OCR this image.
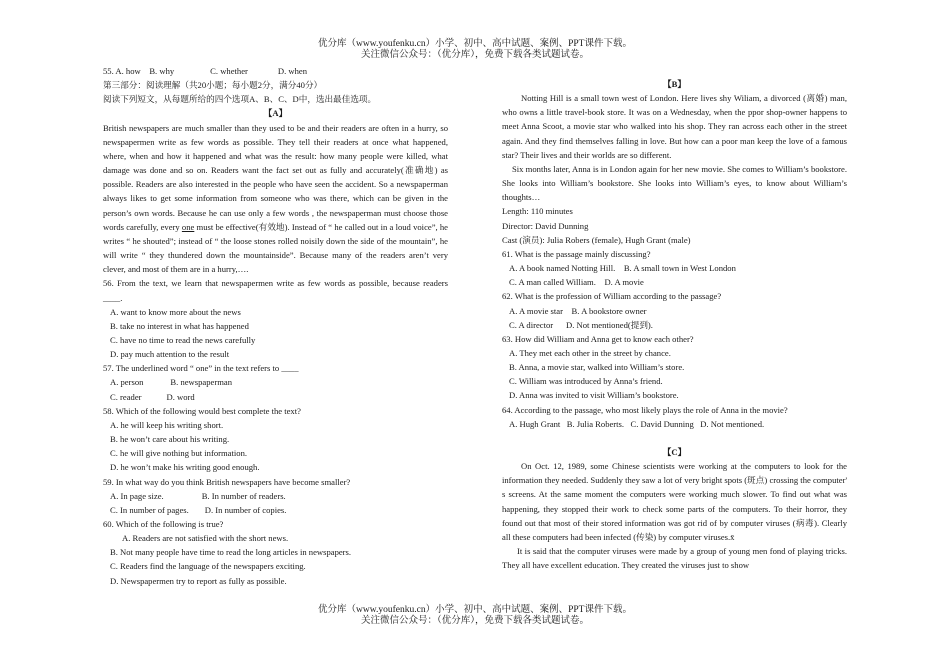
优分库（www.youfenku.cn）小学、初中、高中试题、案例、PPT课件下载。
关注微信公众号：（优分库），免费下载各类试题试卷。

55. A. how B. why	C. whether	D. when

第三部分：阅读理解（共20小题；每小题2分，满分40分）

阅读下列短文，从每题所给的四个选项A、B、C、D中，选出最佳选项。

【A】

British newspapers are much smaller than they used to be and their readers are often in a hurry, so newspapermen write as few words as possible. They tell their readers at once what happened, where, when and how it happened and what was the result: how many people were killed, what damage was done and so on. Readers want the fact set out as fully and accurately(准确地) as possible. Readers are also interested in the people who have seen the accident. So a newspaperman always likes to get some information from someone who was there, which can be given in the person’s own words. Because he can use only a few words , the newspaperman must choose those words carefully, every one must be effective(有效地). Instead of “ he called out in a loud voice”, he writes “ he shouted”; instead of “ the loose stones rolled noisily down the side of the mountain”, he will write “ they thundered down the mountainside”. Because many of the readers aren’t very clever, and most of them are in a hurry,….

56. From the text, we learn that newspapermen write as few words as possible, because readers ____.

A. want to know more about the news

B. take no interest in what has happened

C. have no time to read the news carefully

D. pay much attention to the result

57. The underlined word “ one” in the text refers to ____

A. person	B. newspaperman

C. reader	D. word

58. Which of the following would best complete the text?

A. he will keep his writing short.

B. he won’t care about his writing.

C. he will give nothing but information.

D. he won’t make his writing good enough.

59. In what way do you think British newspapers have become smaller?

A. In page size.	B. In number of readers.

C. In number of pages. D. In number of copies.

60. Which of the following is true?

A. Readers are not satisfied with the short news.

B. Not many people have time to read the long articles in newspapers.

C. Readers find the language of the newspapers exciting.

D. Newspapermen try to report as fully as possible.

【B】

Notting Hill is a small town west of London. Here lives shy Wiliam, a divorced (离婚) man, who owns a little travel-book store. It was on a Wednesday, when the ppor shop-owner happens to meet Anna Scoot, a movie star who walked into his shop. They ran across each other in the street again. And they find themselves falling in love. But how can a poor man keep the love of a famous star? Their lives and their worlds are so different.

Six months later, Anna is in London again for her new movie. She comes to William’s bookstore. She looks into William’s bookstore. She looks into William’s eyes, to know about William’s thoughts…

Length: 110 minutes

Director: David Dunning

Cast (演员): Julia Robers (female), Hugh Grant (male)

61. What is the passage mainly discussing?

A. A book named Notting Hill.    B. A small town in West London

C. A man called William.    D. A movie

62. What is the profession of William according to the passage?

A. A movie star    B. A bookstore owner

C. A director      D. Not mentioned(提到).

63. How did William and Anna get to know each other?

A. They met each other in the street by chance.

B. Anna, a movie star, walked into William’s store.

C. William was introduced by Anna’s friend.

D. Anna was invited to visit William’s bookstore.

64. According to the passage, who most likely plays the role of Anna in the movie?

A. Hugh Grant   B. Julia Roberts.   C. David Dunning   D. Not mentioned.

【C】

On Oct. 12, 1989, some Chinese scientists were working at the computers to look for the information they needed. Suddenly they saw a lot of very bright spots (斑点) crossing the computer' s screens. At the same moment the computers were working much slower. To find out what was happening, they stopped their work to check some parts of the computers. To their horror, they found out that most of their stored information was got rid of by computer viruses (病毒). Clearly all these computers had been infected (传染) by computer viruses.x̄

It is said that the computer viruses were made by a group of young men fond of playing tricks. They all have excellent education. They created the viruses just to show

优分库（www.youfenku.cn）小学、初中、高中试题、案例、PPT课件下载。
关注微信公众号：（优分库），免费下载各类试题试卷。
